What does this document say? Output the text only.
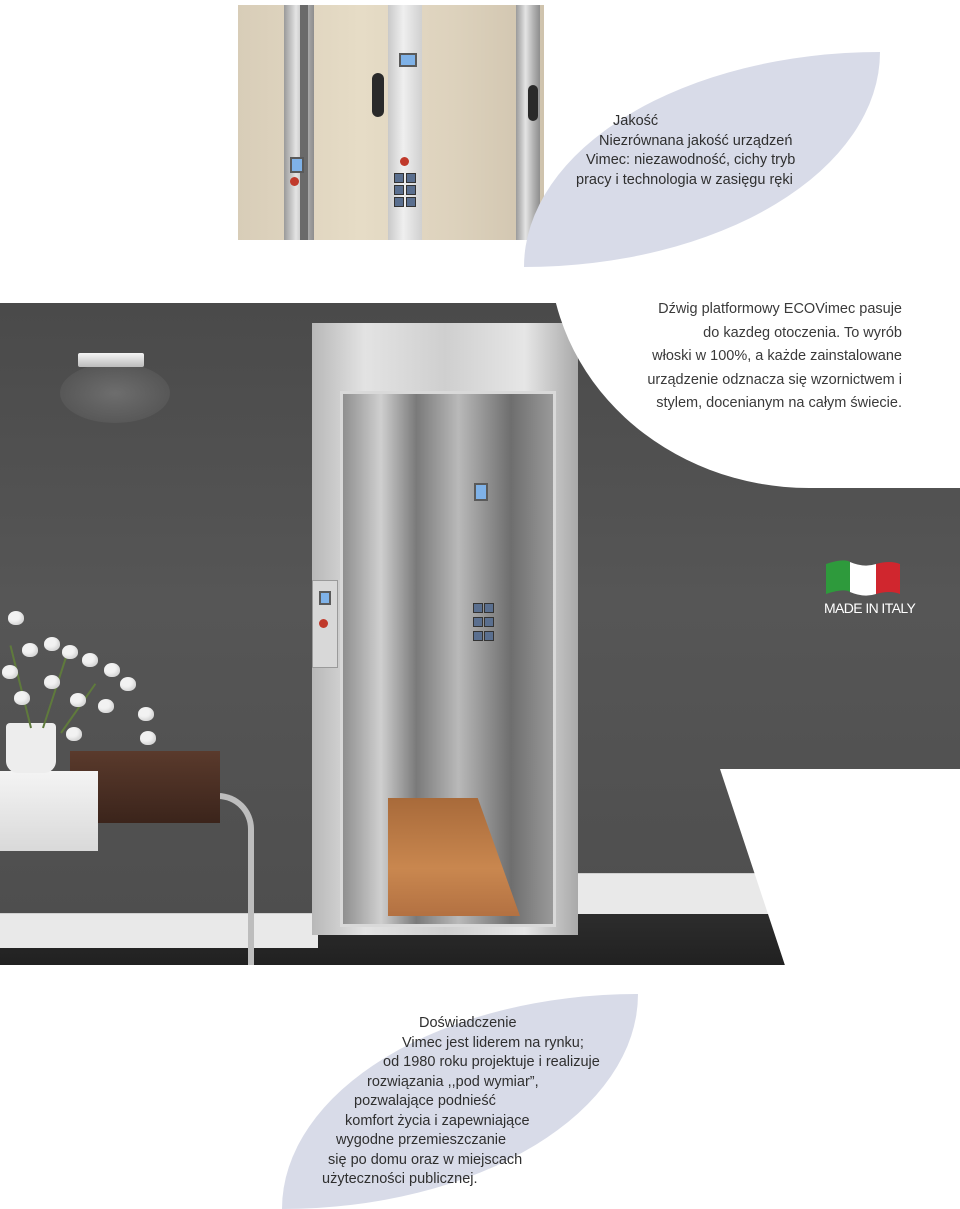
Jakość
Niezrównana jakość urządzeń
Vimec: niezawodność, cichy tryb
pracy i technologia w zasięgu ręki
Dźwig platformowy ECOVimec pasuje
do kazdeg otoczenia. To wyrób
włoski w 100%, a każde zainstalowane
urządzenie odznacza się wzornictwem i
stylem, docenianym na całym świecie.
MADE IN ITALY
Doświadczenie
Vimec jest liderem na rynku;
od 1980 roku projektuje i realizuje
rozwiązania ,,pod wymiar”,
pozwalające podnieść
komfort życia i zapewniające
wygodne przemieszczanie
się po domu oraz w miejscach
użyteczności publicznej.
